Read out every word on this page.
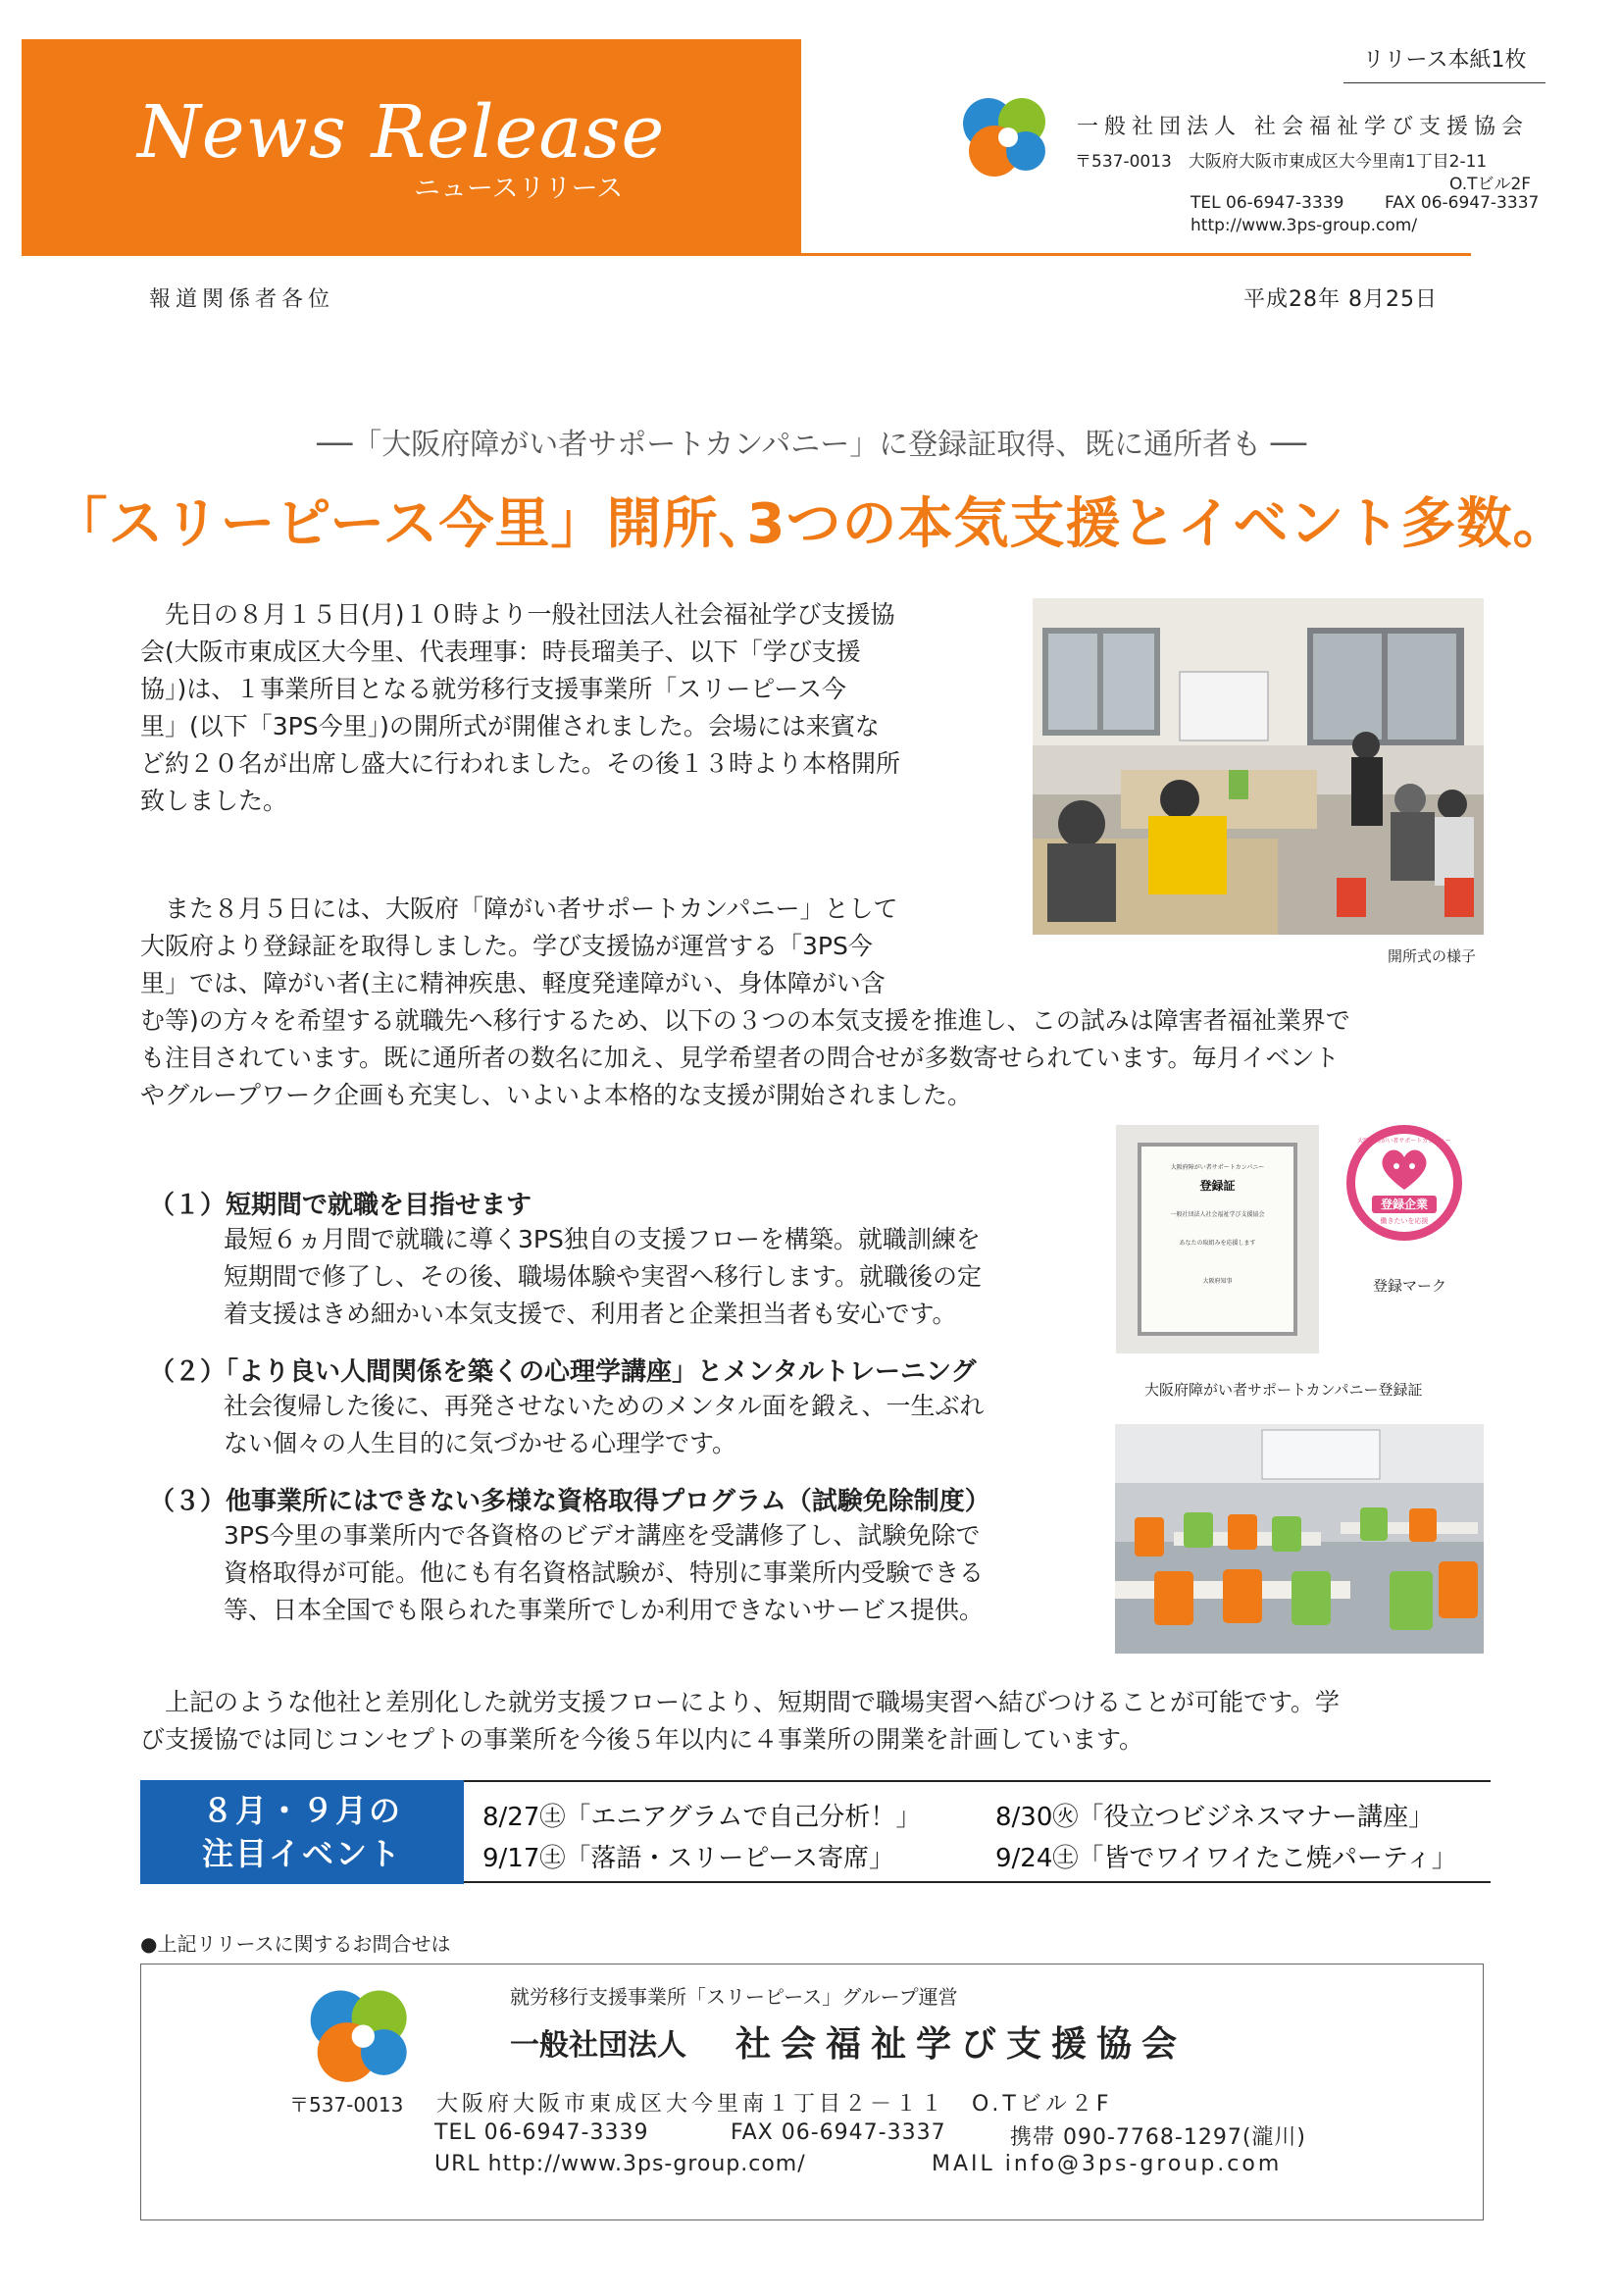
News Release
ニュースリリース
リリース本紙1枚
一般社団法人 社会福祉学び支援協会
〒537-0013　大阪府大阪市東成区大今里南1丁目2-11
O.Tビル2F
TEL 06-6947-3339 FAX 06-6947-3337
http://www.3ps-group.com/
報道関係者各位	平成28年 8月25日
──「大阪府障がい者サポートカンパニー」に登録証取得、既に通所者も ──
「スリーピース今里」開所､3つの本気支援とイベント多数。

先日の８月１５日(月)１０時より一般社団法人社会福祉学び支援協

会(大阪市東成区大今里、代表理事：時長瑠美子、以下「学び支援

協」)は、１事業所目となる就労移行支援事業所「スリーピース今

里」(以下「3PS今里」)の開所式が開催されました。会場には来賓な

ど約２０名が出席し盛大に行われました。その後１３時より本格開所

致しました。

開所式の様子

また８月５日には、大阪府「障がい者サポートカンパニー」として

大阪府より登録証を取得しました。学び支援協が運営する「3PS今

里」では、障がい者(主に精神疾患、軽度発達障がい、身体障がい含

む等)の方々を希望する就職先へ移行するため、以下の３つの本気支援を推進し、この試みは障害者福祉業界で

も注目されています。既に通所者の数名に加え、見学希望者の問合せが多数寄せられています。毎月イベント

やグループワーク企画も充実し、いよいよ本格的な支援が開始されました。

（１）短期間で就職を目指せます
最短６ヵ月間で就職に導く3PS独自の支援フローを構築。就職訓練を
短期間で修了し、その後、職場体験や実習へ移行します。就職後の定
着支援はきめ細かい本気支援で、利用者と企業担当者も安心です。
（２）「より良い人間関係を築くの心理学講座」とメンタルトレーニング
社会復帰した後に、再発させないためのメンタル面を鍛え、一生ぶれ
ない個々の人生目的に気づかせる心理学です。
（３）他事業所にはできない多様な資格取得プログラム（試験免除制度）
3PS今里の事業所内で各資格のビデオ講座を受講修了し、試験免除で
資格取得が可能。他にも有名資格試験が、特別に事業所内受験できる
等、日本全国でも限られた事業所でしか利用できないサービス提供。
大阪府障がい者サポートカンパニー
登録証
一般社団法人社会福祉学び支援協会
あなたの取組みを応援します
大阪府知事
大阪府障がい者サポートカンパニー登録証
登録企業
働きたいを応援
大阪府障がい者サポートカンパニー
登録マーク

上記のような他社と差別化した就労支援フローにより、短期間で職場実習へ結びつけることが可能です。学

び支援協では同じコンセプトの事業所を今後５年以内に４事業所の開業を計画しています。

８月・９月の
注目イベント
8/27㊏「エニアグラムで自己分析！」	8/30㊋「役立つビジネスマナー講座」
9/17㊏「落語・スリーピース寄席」	9/24㊏「皆でワイワイたこ焼パーティ」
●上記リリースに関するお問合せは
就労移行支援事業所「スリーピース」グループ運営
一般社団法人 社会福祉学び支援協会
〒537-0013 大阪府大阪市東成区大今里南１丁目２－１１　O.Tビル２F
TEL 06-6947-3339	FAX 06-6947-3337	携帯 090-7768-1297(瀧川)
URL http://www.3ps-group.com/	MAIL info@3ps-group.com
